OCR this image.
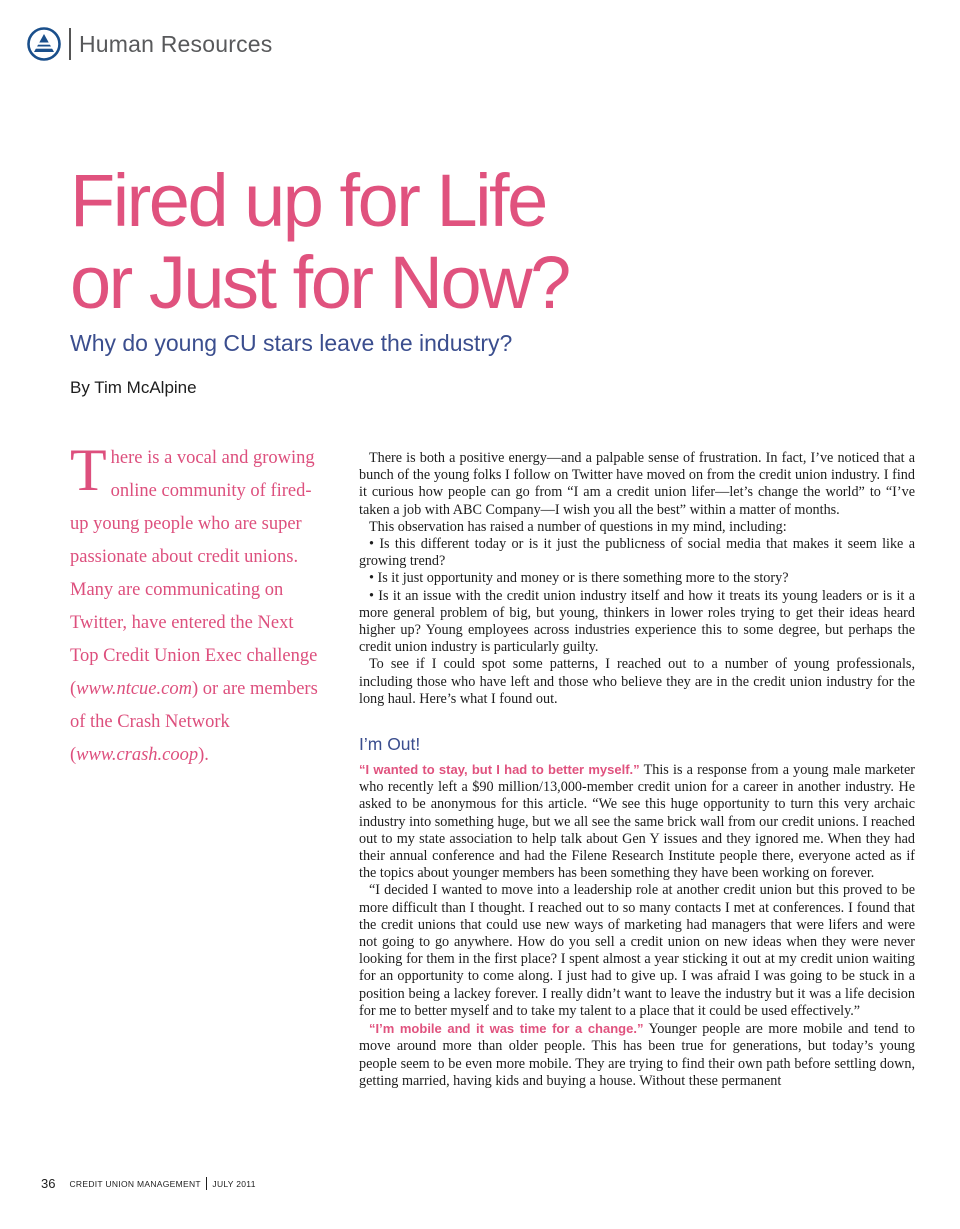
Human Resources
Fired up for Life
or Just for Now?
Why do young CU stars leave the industry?
By Tim McAlpine
There is a vocal and growing online community of fired-up young people who are super passionate about credit unions. Many are communicating on Twitter, have entered the Next Top Credit Union Exec challenge (www.ntcue.com) or are members of the Crash Network (www.crash.coop).

There is both a positive energy—and a palpable sense of frustration. In fact, I’ve noticed that a bunch of the young folks I follow on Twitter have moved on from the credit union industry. I find it curious how people can go from “I am a credit union lifer—let’s change the world” to “I’ve taken a job with ABC Company—I wish you all the best” within a matter of months.

This observation has raised a number of questions in my mind, including:

• Is this different today or is it just the publicness of social media that makes it seem like a growing trend?

• Is it just opportunity and money or is there something more to the story?

• Is it an issue with the credit union industry itself and how it treats its young leaders or is it a more general problem of big, but young, thinkers in lower roles trying to get their ideas heard higher up? Young employees across industries experience this to some degree, but perhaps the credit union industry is particularly guilty.

To see if I could spot some patterns, I reached out to a number of young professionals, including those who have left and those who believe they are in the credit union industry for the long haul. Here’s what I found out.

I’m Out!

“I wanted to stay, but I had to better myself.” This is a response from a young male marketer who recently left a $90 million/13,000-member credit union for a career in another industry. He asked to be anonymous for this article. “We see this huge opportunity to turn this very archaic industry into something huge, but we all see the same brick wall from our credit unions. I reached out to my state association to help talk about Gen Y issues and they ignored me. When they had their annual conference and had the Filene Research Institute people there, everyone acted as if the topics about younger members has been something they have been working on forever.

“I decided I wanted to move into a leadership role at another credit union but this proved to be more difficult than I thought. I reached out to so many contacts I met at conferences. I found that the credit unions that could use new ways of marketing had managers that were lifers and were not going to go anywhere. How do you sell a credit union on new ideas when they were never looking for them in the first place? I spent almost a year sticking it out at my credit union waiting for an opportunity to come along. I just had to give up. I was afraid I was going to be stuck in a position being a lackey forever. I really didn’t want to leave the industry but it was a life decision for me to better myself and to take my talent to a place that it could be used effectively.”

“I’m mobile and it was time for a change.” Younger people are more mobile and tend to move around more than older people. This has been true for generations, but today’s young people seem to be even more mobile. They are trying to find their own path before settling down, getting married, having kids and buying a house. Without these permanent

36 CREDIT UNION MANAGEMENT JULY 2011
